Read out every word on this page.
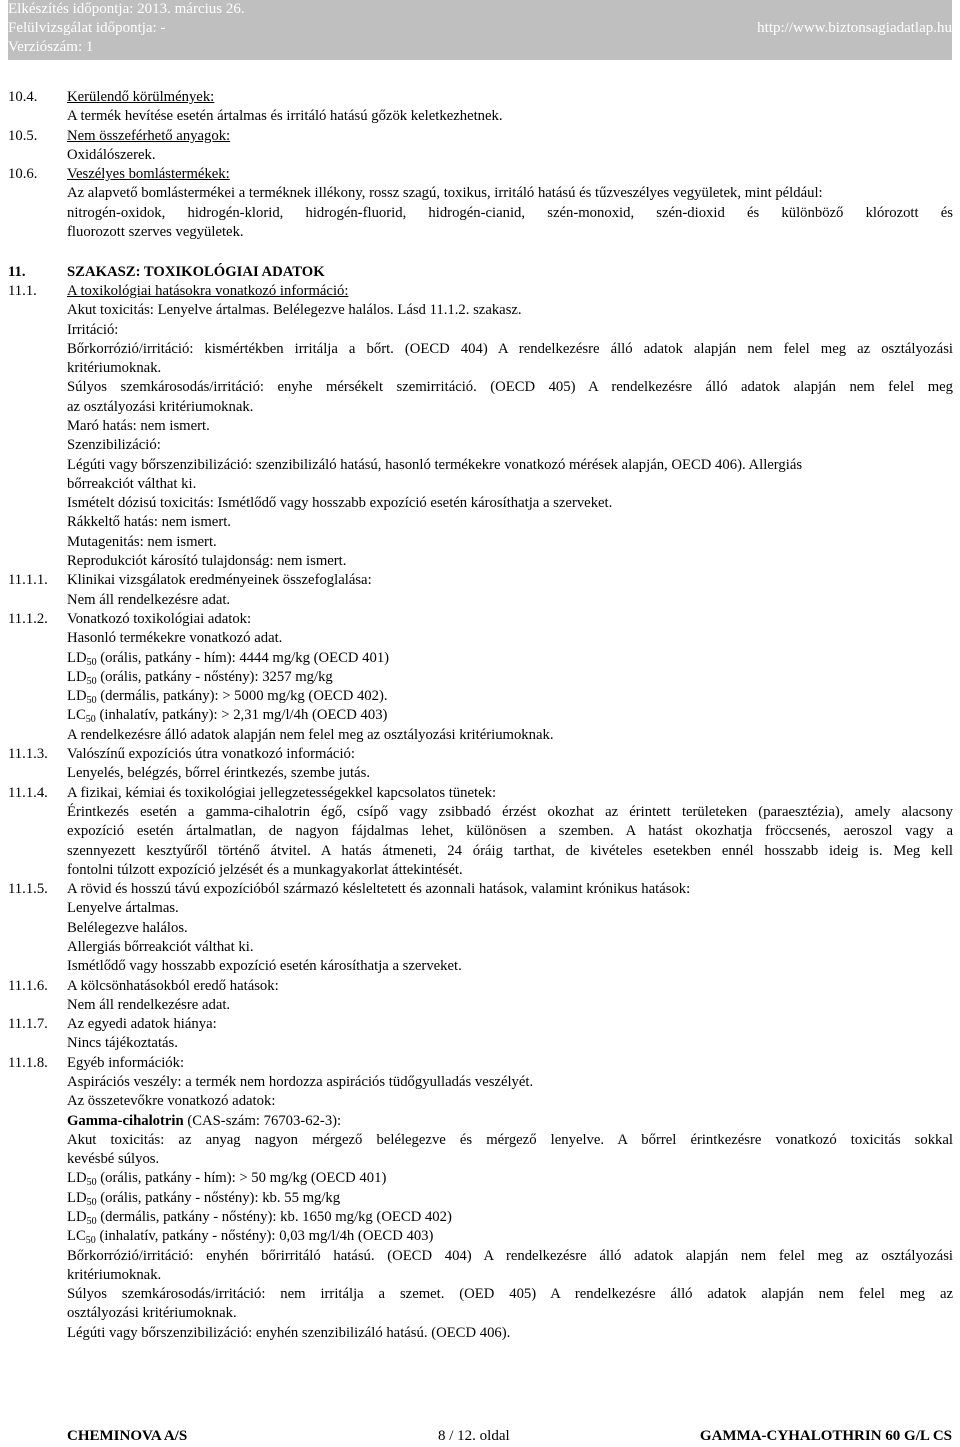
Elkészítés időpontja: 2013. március 26.
Felülvizsgálat időpontja: -
Verziószám: 1
http://www.biztonsagiadatlap.hu
10.4. Kerülendő körülmények:
A termék hevítése esetén ártalmas és irritáló hatású gőzök keletkezhetnek.
10.5. Nem összeférhető anyagok:
Oxidálószerek.
10.6. Veszélyes bomlástermékek:
Az alapvető bomlástermékei a terméknek illékony, rossz szagú, toxikus, irritáló hatású és tűzveszélyes vegyületek, mint például:
nitrogén-oxidok, hidrogén-klorid, hidrogén-fluorid, hidrogén-cianid, szén-monoxid, szén-dioxid és különböző klórozott és
fluorozott szerves vegyületek.
11.	SZAKASZ: TOXIKOLÓGIAI ADATOK
11.1. A toxikológiai hatásokra vonatkozó információ:
Akut toxicitás: Lenyelve ártalmas. Belélegezve halálos. Lásd 11.1.2. szakasz.
Irritáció:
Bőrkorrózió/irritáció: kismértékben irritálja a bőrt. (OECD 404) A rendelkezésre álló adatok alapján nem felel meg az osztályozási
kritériumoknak.
Súlyos szemkárosodás/irritáció: enyhe mérsékelt szemirritáció. (OECD 405) A rendelkezésre álló adatok alapján nem felel meg
az osztályozási kritériumoknak.
Maró hatás: nem ismert.
Szenzibilizáció:
Légúti vagy bőrszenzibilizáció: szenzibilizáló hatású, hasonló termékekre vonatkozó mérések alapján, OECD 406). Allergiás
bőrreakciót válthat ki.
Ismételt dózisú toxicitás: Ismétlődő vagy hosszabb expozíció esetén károsíthatja a szerveket.
Rákkeltő hatás: nem ismert.
Mutagenitás: nem ismert.
Reprodukciót károsító tulajdonság: nem ismert.
11.1.1. Klinikai vizsgálatok eredményeinek összefoglalása:
Nem áll rendelkezésre adat.
11.1.2. Vonatkozó toxikológiai adatok:
Hasonló termékekre vonatkozó adat.
$LD_{50}$ (orális, patkány - hím): 4444 mg/kg (OECD 401)
$LD_{50}$ (orális, patkány - nőstény): 3257 mg/kg
$LD_{50}$ (dermális, patkány): > 5000 mg/kg (OECD 402).
$LC_{50}$ (inhalatív, patkány): > 2,31 mg/l/4h (OECD 403)
A rendelkezésre álló adatok alapján nem felel meg az osztályozási kritériumoknak.
11.1.3. Valószínű expozíciós útra vonatkozó információ:
Lenyelés, belégzés, bőrrel érintkezés, szembe jutás.
11.1.4. A fizikai, kémiai és toxikológiai jellegzetességekkel kapcsolatos tünetek:
Érintkezés esetén a gamma-cihalotrin égő, csípő vagy zsibbadó érzést okozhat az érintett területeken (paraesztézia), amely alacsony
expozíció esetén ártalmatlan, de nagyon fájdalmas lehet, különösen a szemben. A hatást okozhatja fröccsenés, aeroszol vagy a
szennyezett kesztyűről történő átvitel. A hatás átmeneti, 24 óráig tarthat, de kivételes esetekben ennél hosszabb ideig is. Meg kell
fontolni túlzott expozíció jelzését és a munkagyakorlat áttekintését.
11.1.5. A rövid és hosszú távú expozícióból származó késleltetett és azonnali hatások, valamint krónikus hatások:
Lenyelve ártalmas.
Belélegezve halálos.
Allergiás bőrreakciót válthat ki.
Ismétlődő vagy hosszabb expozíció esetén károsíthatja a szerveket.
11.1.6. A kölcsönhatásokból eredő hatások:
Nem áll rendelkezésre adat.
11.1.7. Az egyedi adatok hiánya:
Nincs tájékoztatás.
11.1.8. Egyéb információk:
Aspirációs veszély: a termék nem hordozza aspirációs tüdőgyulladás veszélyét.
Az összetevőkre vonatkozó adatok:
Gamma-cihalotrin (CAS-szám: 76703-62-3):
Akut toxicitás: az anyag nagyon mérgező belélegezve és mérgező lenyelve. A bőrrel érintkezésre vonatkozó toxicitás sokkal
kevésbé súlyos.
$LD_{50}$ (orális, patkány - hím): > 50 mg/kg (OECD 401)
$LD_{50}$ (orális, patkány - nőstény): kb. 55 mg/kg
$LD_{50}$ (dermális, patkány - nőstény): kb. 1650 mg/kg (OECD 402)
$LC_{50}$ (inhalatív, patkány - nőstény): 0,03 mg/l/4h (OECD 403)
Bőrkorrózió/irritáció: enyhén bőrirritáló hatású. (OECD 404) A rendelkezésre álló adatok alapján nem felel meg az osztályozási
kritériumoknak.
Súlyos szemkárosodás/irritáció: nem irritálja a szemet. (OED 405) A rendelkezésre álló adatok alapján nem felel meg az
osztályozási kritériumoknak.
Légúti vagy bőrszenzibilizáció: enyhén szenzibilizáló hatású. (OECD 406).
CHEMINOVA A/S	8 / 12. oldal	GAMMA-CYHALOTHRIN 60 G/L CS
